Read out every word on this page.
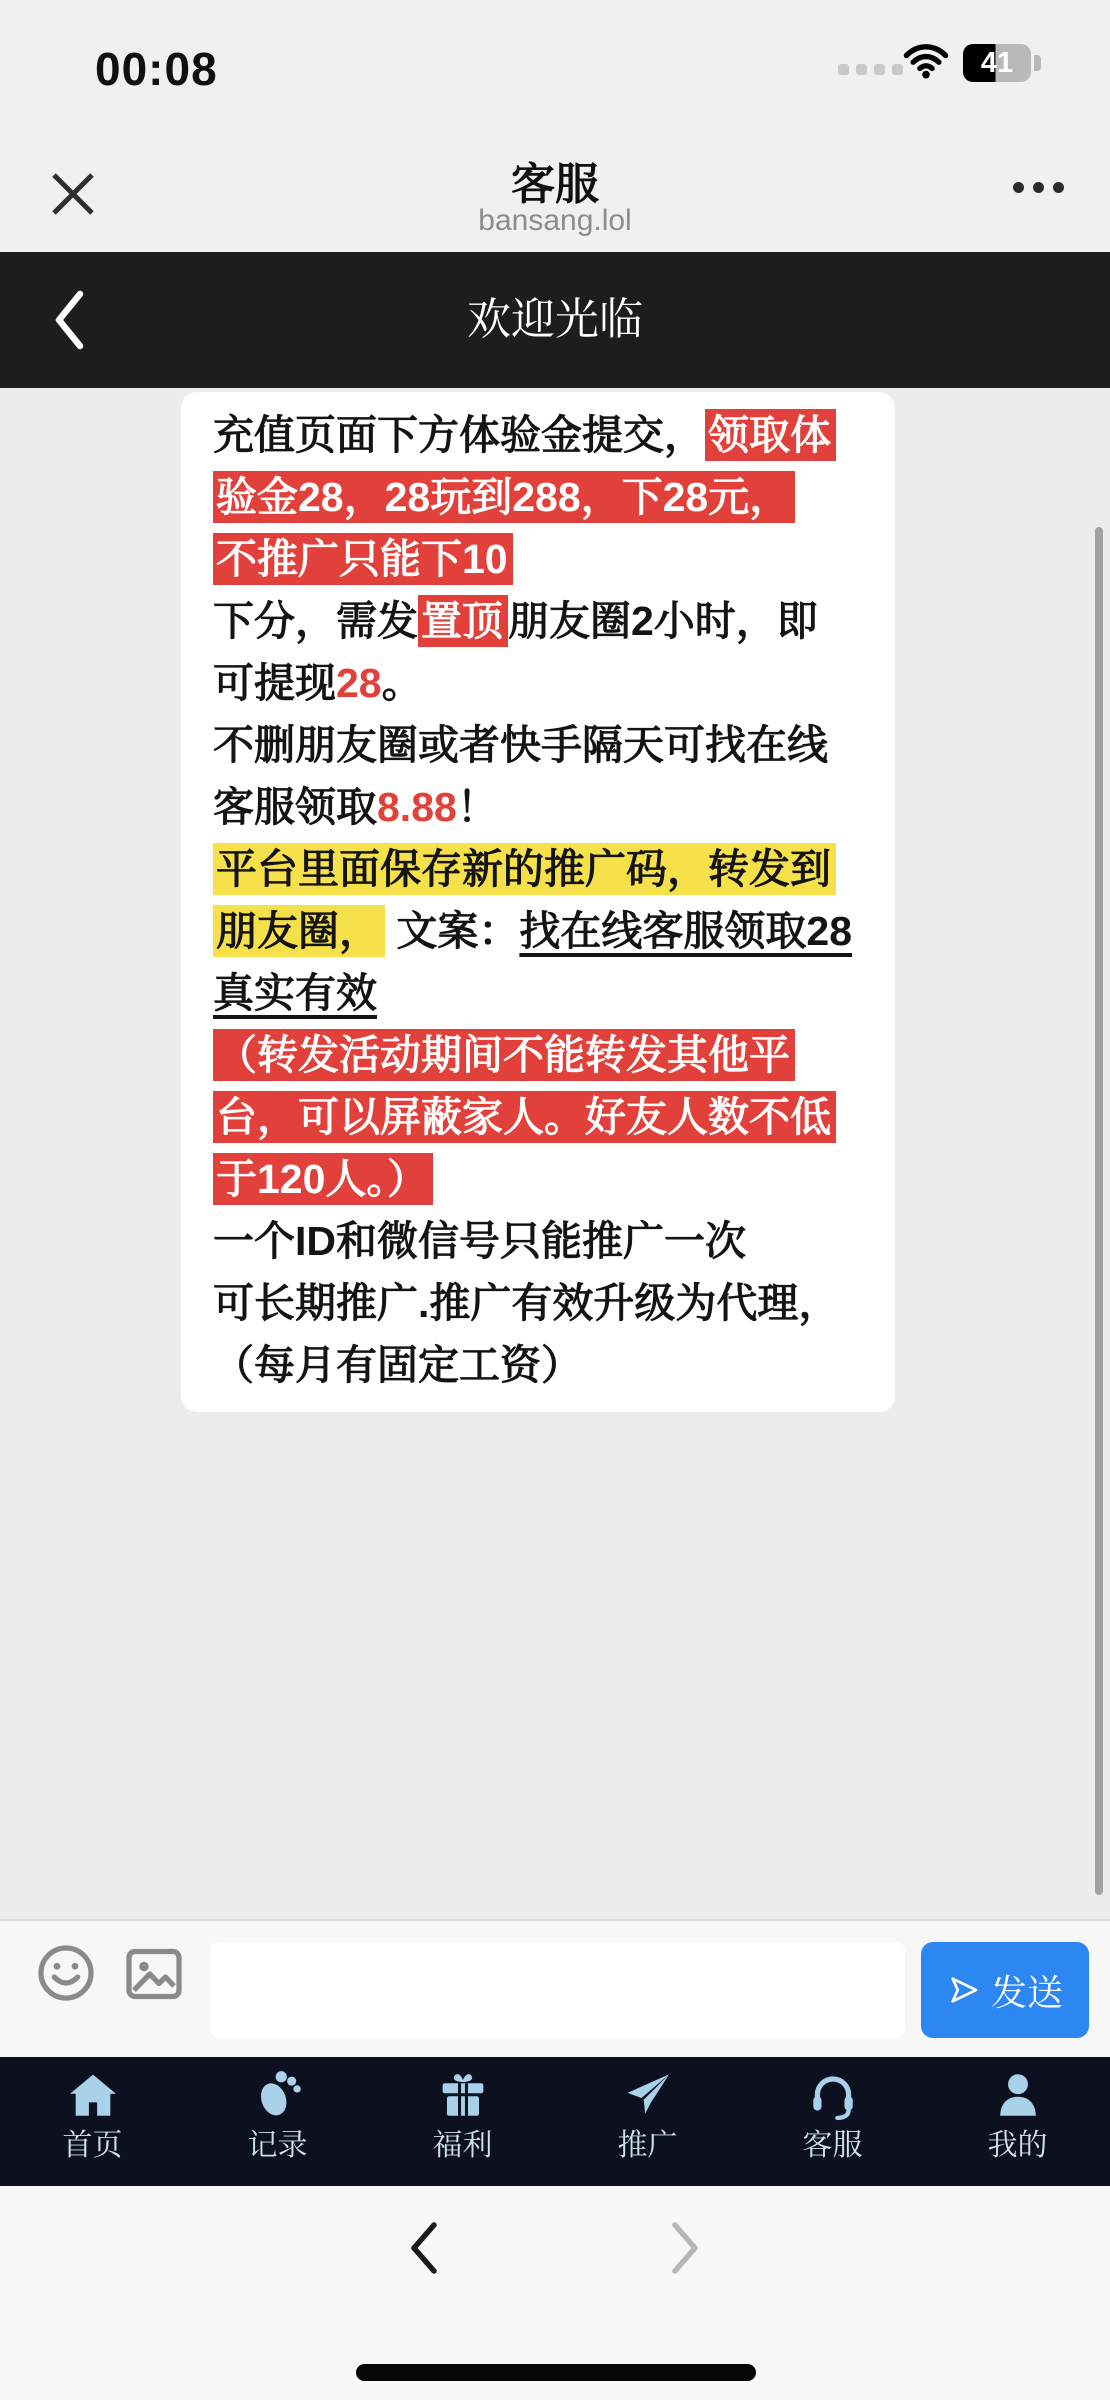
00:08	41
客服
bansang.lol
欢迎光临
充值页面下方体验金提交，领取体
验金28，28玩到288，下28元，
不推广只能下10
下分，需发置顶 朋友圈2小时，即
可提现28。
不删朋友圈或者快手隔天可找在线
客服领取8.88！
平台里面保存新的推广码，转发到
朋友圈， 文案：找在线客服领取28
真实有效
（转发活动期间不能转发其他平
台，可以屏蔽家人。好友人数不低
于120人。）
一个ID和微信号只能推广一次
可长期推广.推广有效升级为代理，
（每月有固定工资）
发送
首页	记录	福利	推广	客服	我的
